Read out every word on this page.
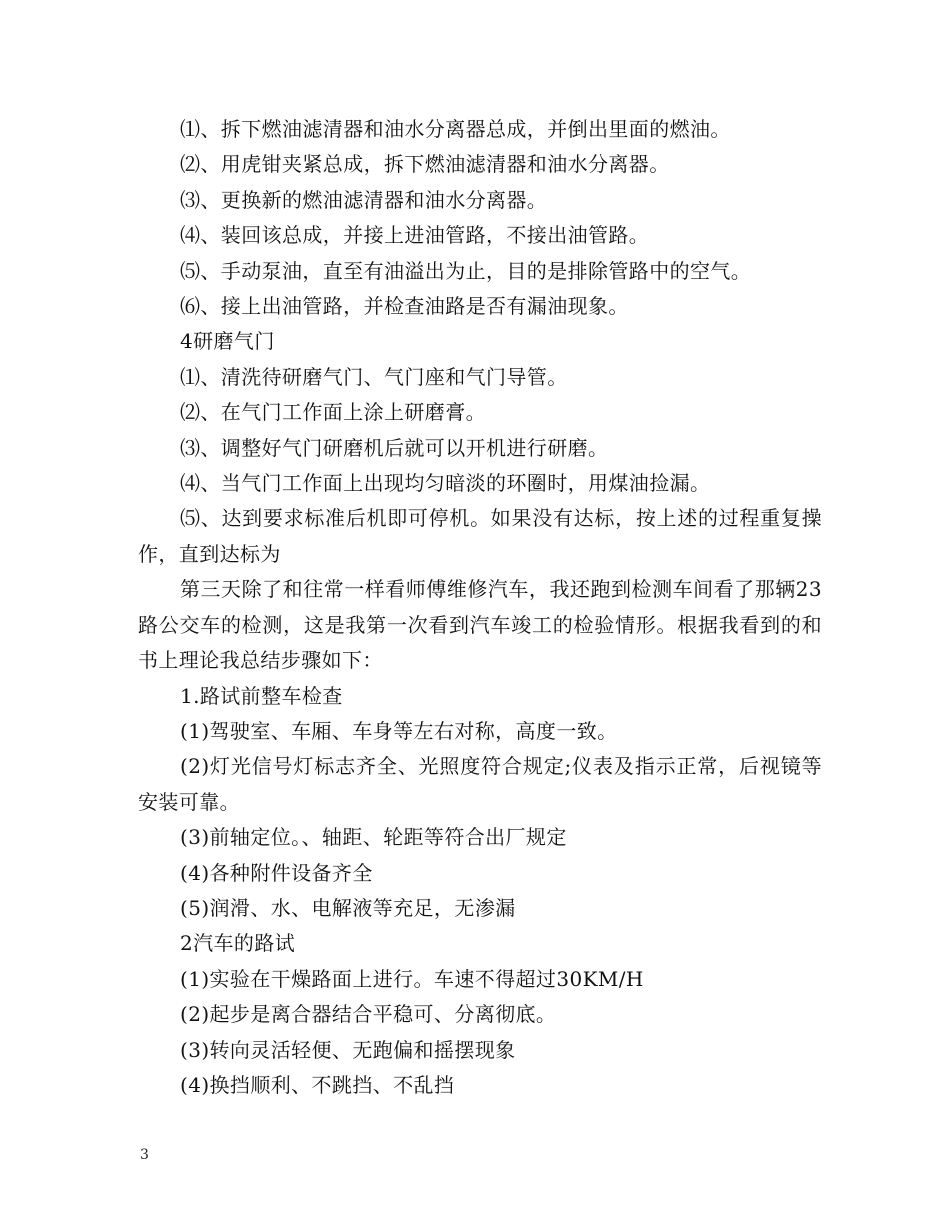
⑴、拆下燃油滤清器和油水分离器总成，并倒出里面的燃油。

⑵、用虎钳夹紧总成，拆下燃油滤清器和油水分离器。

⑶、更换新的燃油滤清器和油水分离器。

⑷、装回该总成，并接上进油管路，不接出油管路。

⑸、手动泵油，直至有油溢出为止，目的是排除管路中的空气。

⑹、接上出油管路，并检查油路是否有漏油现象。

4研磨气门

⑴、清洗待研磨气门、气门座和气门导管。

⑵、在气门工作面上涂上研磨膏。

⑶、调整好气门研磨机后就可以开机进行研磨。

⑷、当气门工作面上出现均匀暗淡的环圈时，用煤油捡漏。

⑸、达到要求标准后机即可停机。如果没有达标，按上述的过程重复操作，直到达标为

第三天除了和往常一样看师傅维修汽车，我还跑到检测车间看了那辆23路公交车的检测，这是我第一次看到汽车竣工的检验情形。根据我看到的和书上理论我总结步骤如下：

1.路试前整车检查

(1)驾驶室、车厢、车身等左右对称，高度一致。

(2)灯光信号灯标志齐全、光照度符合规定;仪表及指示正常，后视镜等安装可靠。

(3)前轴定位。、轴距、轮距等符合出厂规定

(4)各种附件设备齐全

(5)润滑、水、电解液等充足，无渗漏

2汽车的路试

(1)实验在干燥路面上进行。车速不得超过30KM/H

(2)起步是离合器结合平稳可、分离彻底。

(3)转向灵活轻便、无跑偏和摇摆现象

(4)换挡顺利、不跳挡、不乱挡

3
